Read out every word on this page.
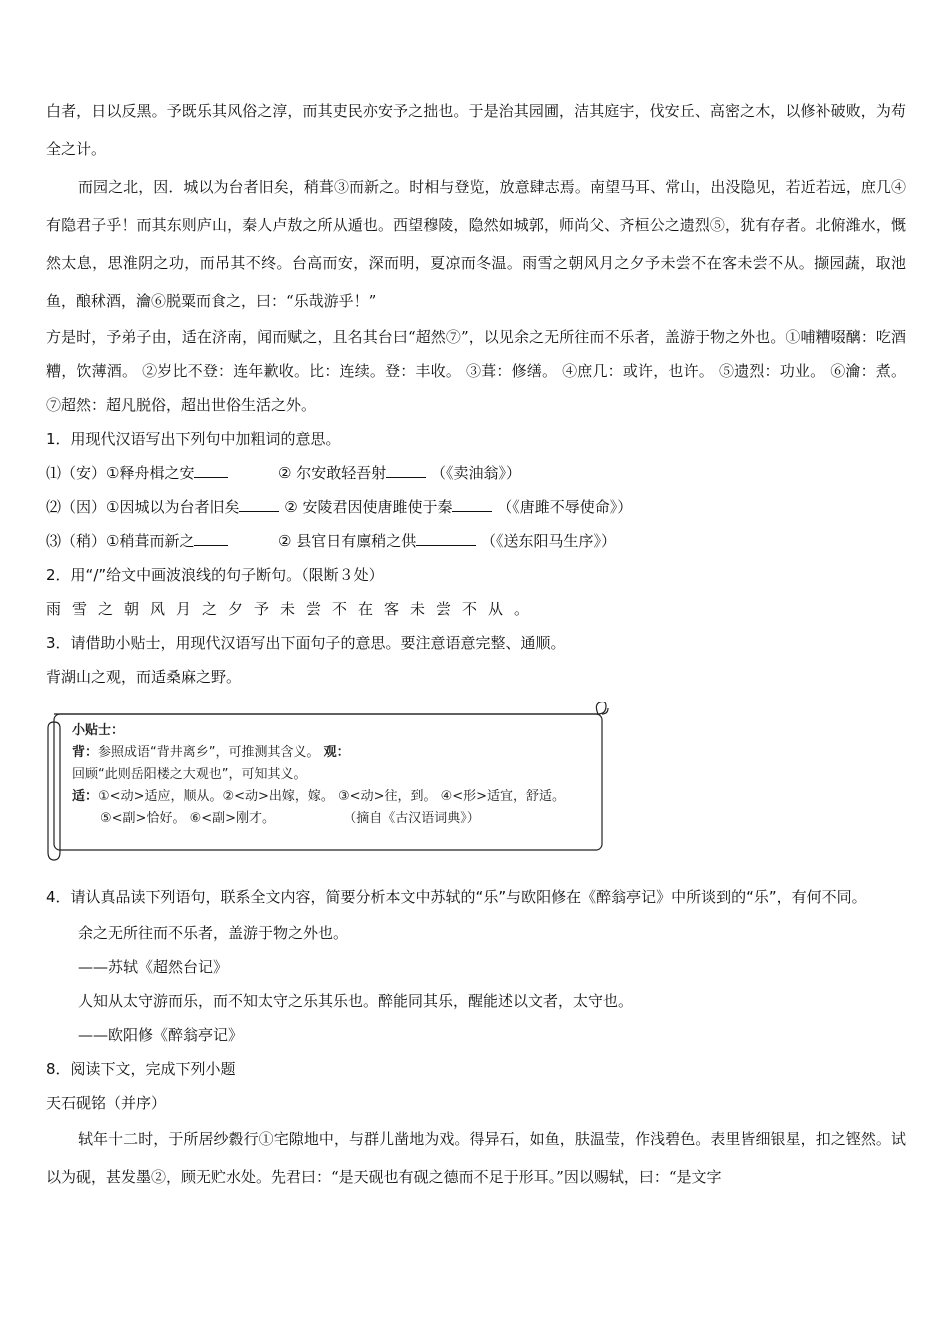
白者，日以反黑。予既乐其风俗之淳，而其吏民亦安予之拙也。于是治其园圃，洁其庭宇，伐安丘、高密之木，以修补破败，为苟全之计。

而园之北，因．城以为台者旧矣，稍葺③而新之。时相与登览，放意肆志焉。南望马耳、常山，出没隐见，若近若远，庶几④有隐君子乎！而其东则庐山，秦人卢敖之所从遁也。西望穆陵，隐然如城郭，师尚父、齐桓公之遗烈⑤，犹有存者。北俯潍水，慨然太息，思淮阴之功，而吊其不终。台高而安，深而明，夏凉而冬温。雨雪之朝风月之夕予未尝不在客未尝不从。撷园蔬，取池鱼，酿秫酒，瀹⑥脱粟而食之，曰：“乐哉游乎！”

方是时，予弟子由，适在济南，闻而赋之，且名其台曰“超然⑦”，以见余之无所往而不乐者，盖游于物之外也。①哺糟啜醨：吃酒糟，饮薄酒。 ②岁比不登：连年歉收。比：连续。登：丰收。 ③葺：修缮。 ④庶几：或许，也许。 ⑤遗烈：功业。 ⑥瀹：煮。 ⑦超然：超凡脱俗，超出世俗生活之外。

1．用现代汉语写出下列句中加粗词的意思。

⑴（安）①释舟楫之安	② 尔安敢轻吾射	（《卖油翁》）

⑵（因）①因城以为台者旧矣	② 安陵君因使唐雎使于秦	（《唐雎不辱使命》）

⑶（稍）①稍葺而新之	② 县官日有廪稍之供	（《送东阳马生序》）

2．用“/”给文中画波浪线的句子断句。（限断３处）

雨雪之朝风月之夕予未尝不在客未尝不从。

3．请借助小贴士，用现代汉语写出下面句子的意思。要注意语意完整、通顺。

背湖山之观，而适桑麻之野。

小贴士：

背：参照成语“背井离乡”，可推测其含义。 观：

回顾“此则岳阳楼之大观也”，可知其义。

适：①<动>适应，顺从。②<动>出嫁，嫁。 ③<动>往，到。 ④<形>适宜，舒适。

⑤<副>恰好。 ⑥<副>刚才。	（摘自《古汉语词典》）

4．请认真品读下列语句，联系全文内容，简要分析本文中苏轼的“乐”与欧阳修在《醉翁亭记》中所谈到的“乐”，有何不同。

余之无所往而不乐者，盖游于物之外也。

——苏轼《超然台记》

人知从太守游而乐，而不知太守之乐其乐也。醉能同其乐，醒能述以文者，太守也。

——欧阳修《醉翁亭记》

8．阅读下文，完成下列小题

天石砚铭（并序）

轼年十二时，于所居纱縠行①宅隙地中，与群儿凿地为戏。得异石，如鱼，肤温莹，作浅碧色。表里皆细银星，扣之铿然。试以为砚，甚发墨②，顾无贮水处。先君曰：“是天砚也有砚之德而不足于形耳。”因以赐轼，曰：“是文字
